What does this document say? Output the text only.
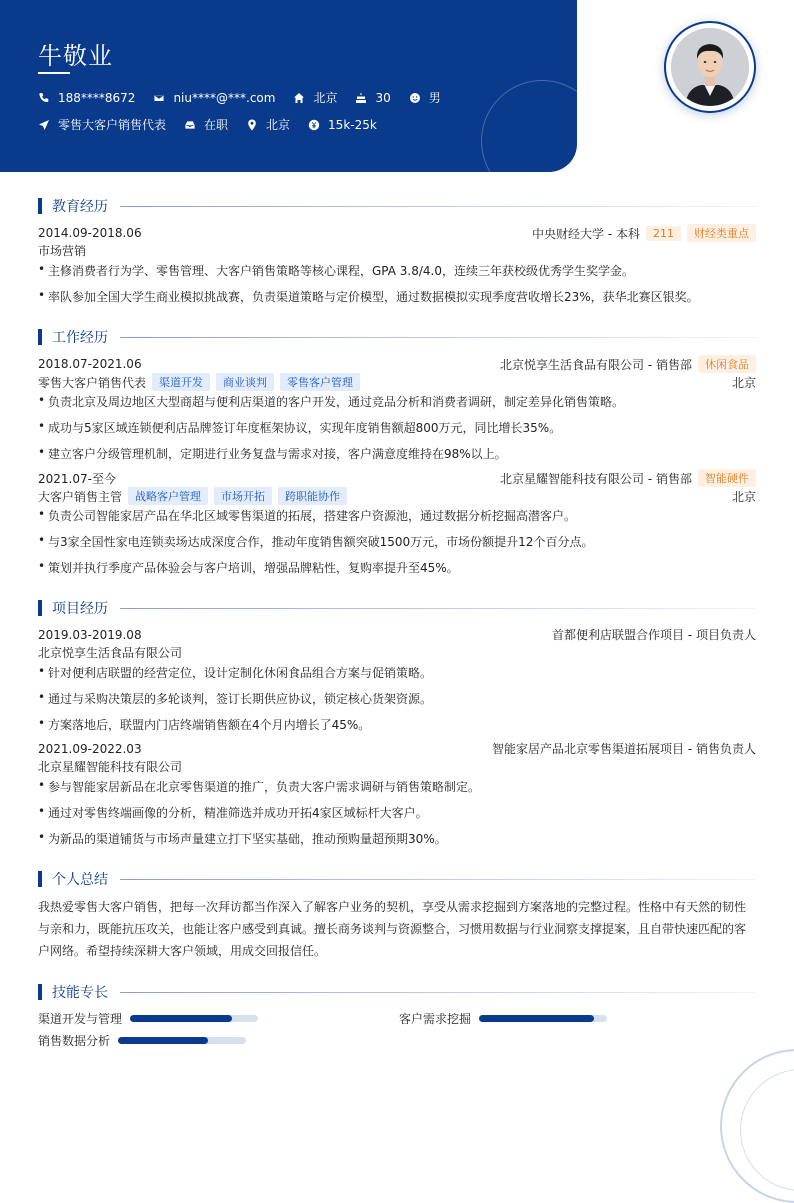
牛敬业
188****8672	niu****@***.com	北京	30	男
零售大客户销售代表	在职	北京	15k-25k
教育经历
2014.09-2018.06	中央财经大学 - 本科	211	财经类重点
市场营销
• 主修消费者行为学、零售管理、大客户销售策略等核心课程，GPA 3.8/4.0，连续三年获校级优秀学生奖学金。
• 率队参加全国大学生商业模拟挑战赛，负责渠道策略与定价模型，通过数据模拟实现季度营收增长23%，获华北赛区银奖。
工作经历
2018.07-2021.06	北京悦享生活食品有限公司 - 销售部	休闲食品
零售大客户销售代表	渠道开发	商业谈判	零售客户管理	北京
• 负责北京及周边地区大型商超与便利店渠道的客户开发，通过竞品分析和消费者调研，制定差异化销售策略。
• 成功与5家区域连锁便利店品牌签订年度框架协议，实现年度销售额超800万元，同比增长35%。
• 建立客户分级管理机制，定期进行业务复盘与需求对接，客户满意度维持在98%以上。
2021.07-至今	北京星耀智能科技有限公司 - 销售部	智能硬件
大客户销售主管	战略客户管理	市场开拓	跨职能协作	北京
• 负责公司智能家居产品在华北区域零售渠道的拓展，搭建客户资源池，通过数据分析挖掘高潜客户。
• 与3家全国性家电连锁卖场达成深度合作，推动年度销售额突破1500万元，市场份额提升12个百分点。
• 策划并执行季度产品体验会与客户培训，增强品牌粘性，复购率提升至45%。
项目经历
2019.03-2019.08	首都便利店联盟合作项目 - 项目负责人
北京悦享生活食品有限公司
• 针对便利店联盟的经营定位，设计定制化休闲食品组合方案与促销策略。
• 通过与采购决策层的多轮谈判，签订长期供应协议，锁定核心货架资源。
• 方案落地后，联盟内门店终端销售额在4个月内增长了45%。
2021.09-2022.03	智能家居产品北京零售渠道拓展项目 - 销售负责人
北京星耀智能科技有限公司
• 参与智能家居新品在北京零售渠道的推广，负责大客户需求调研与销售策略制定。
• 通过对零售终端画像的分析，精准筛选并成功开拓4家区域标杆大客户。
• 为新品的渠道铺货与市场声量建立打下坚实基础，推动预购量超预期30%。
个人总结
我热爱零售大客户销售，把每一次拜访都当作深入了解客户业务的契机，享受从需求挖掘到方案落地的完整过程。性格中有天然的韧性与亲和力，既能抗压攻关，也能让客户感受到真诚。擅长商务谈判与资源整合，习惯用数据与行业洞察支撑提案，且自带快速匹配的客户网络。希望持续深耕大客户领域，用成交回报信任。
技能专长
渠道开发与管理	客户需求挖掘
销售数据分析
